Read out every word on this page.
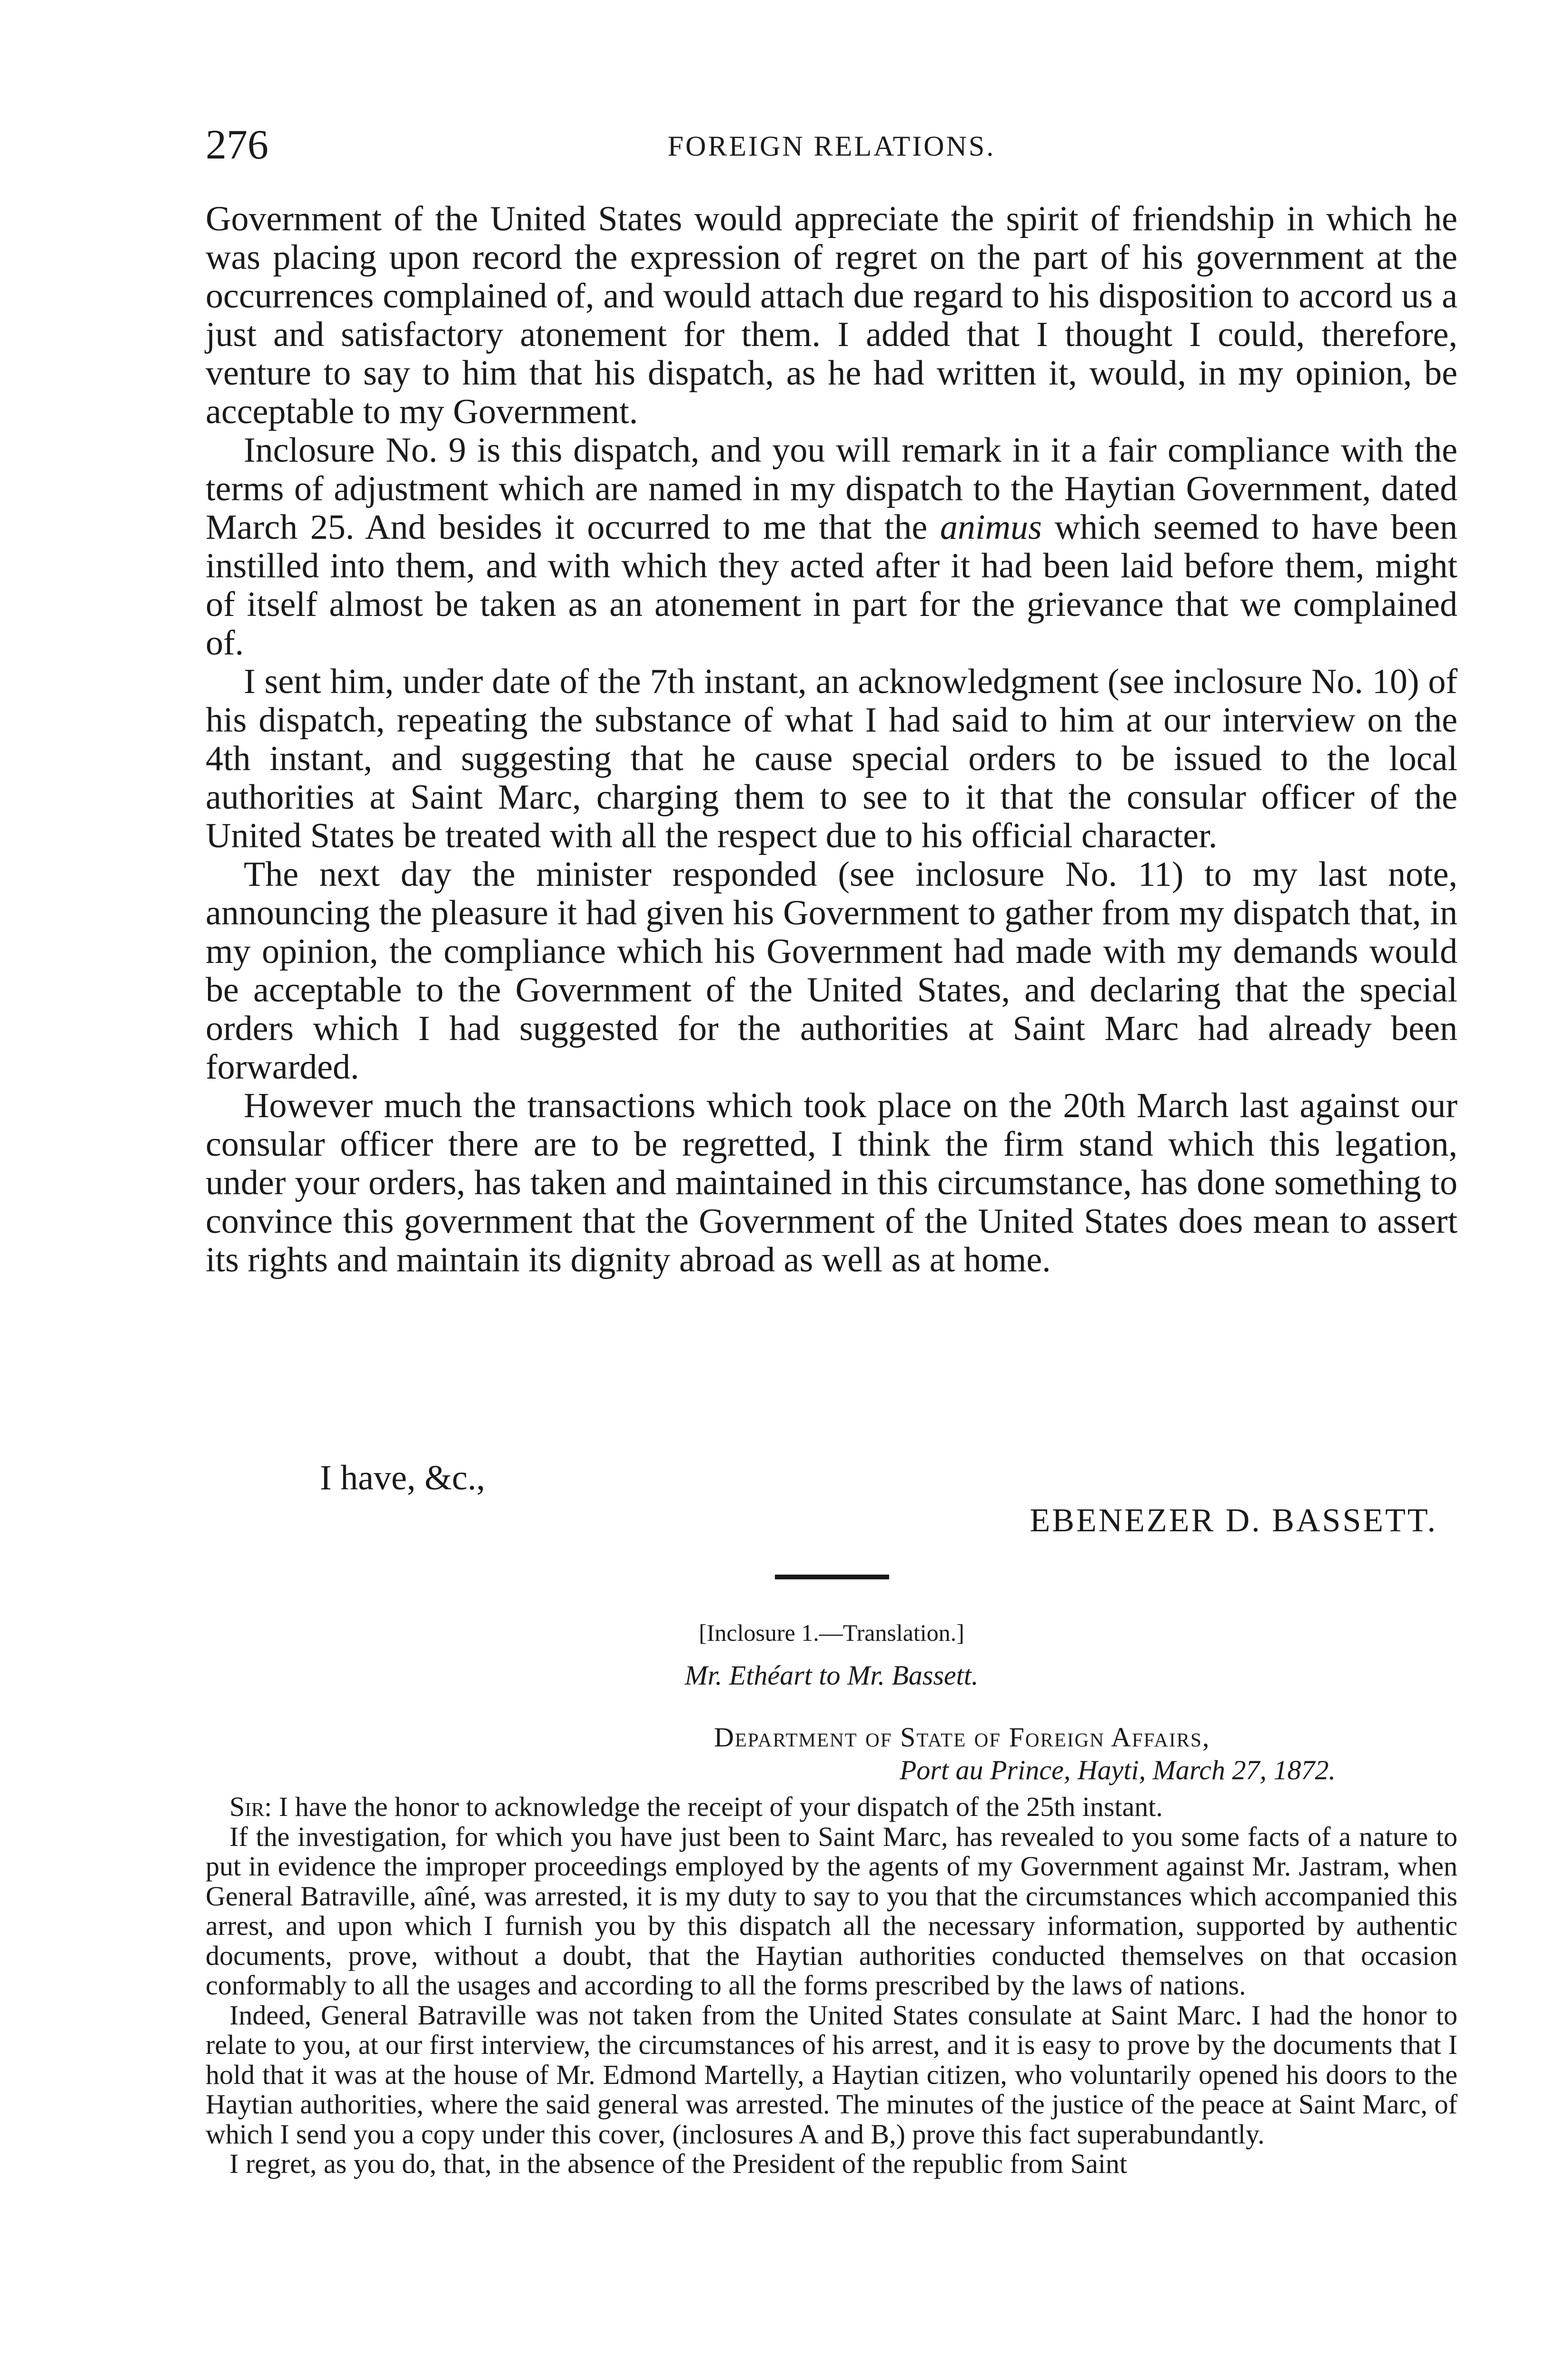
276	FOREIGN RELATIONS.

Government of the United States would appreciate the spirit of friendship in which he was placing upon record the expression of regret on the part of his government at the occurrences complained of, and would attach due regard to his disposition to accord us a just and satisfactory atonement for them. I added that I thought I could, therefore, venture to say to him that his dispatch, as he had written it, would, in my opinion, be acceptable to my Government.

Inclosure No. 9 is this dispatch, and you will remark in it a fair compliance with the terms of adjustment which are named in my dispatch to the Haytian Government, dated March 25. And besides it occurred to me that the animus which seemed to have been instilled into them, and with which they acted after it had been laid before them, might of itself almost be taken as an atonement in part for the grievance that we complained of.

I sent him, under date of the 7th instant, an acknowledgment (see inclosure No. 10) of his dispatch, repeating the substance of what I had said to him at our interview on the 4th instant, and suggesting that he cause special orders to be issued to the local authorities at Saint Marc, charging them to see to it that the consular officer of the United States be treated with all the respect due to his official character.

The next day the minister responded (see inclosure No. 11) to my last note, announcing the pleasure it had given his Government to gather from my dispatch that, in my opinion, the compliance which his Government had made with my demands would be acceptable to the Government of the United States, and declaring that the special orders which I had suggested for the authorities at Saint Marc had already been forwarded.

However much the transactions which took place on the 20th March last against our consular officer there are to be regretted, I think the firm stand which this legation, under your orders, has taken and maintained in this circumstance, has done something to convince this government that the Government of the United States does mean to assert its rights and maintain its dignity abroad as well as at home.

I have, &c.,
EBENEZER D. BASSETT.
[Inclosure 1.—Translation.]
Mr. Ethéart to Mr. Bassett.
Department of State of Foreign Affairs,
Port au Prince, Hayti, March 27, 1872.

Sir: I have the honor to acknowledge the receipt of your dispatch of the 25th instant.

If the investigation, for which you have just been to Saint Marc, has revealed to you some facts of a nature to put in evidence the improper proceedings employed by the agents of my Government against Mr. Jastram, when General Batraville, aîné, was arrested, it is my duty to say to you that the circumstances which accompanied this arrest, and upon which I furnish you by this dispatch all the necessary information, supported by authentic documents, prove, without a doubt, that the Haytian authorities conducted themselves on that occasion conformably to all the usages and according to all the forms prescribed by the laws of nations.

Indeed, General Batraville was not taken from the United States consulate at Saint Marc. I had the honor to relate to you, at our first interview, the circumstances of his arrest, and it is easy to prove by the documents that I hold that it was at the house of Mr. Edmond Martelly, a Haytian citizen, who voluntarily opened his doors to the Haytian authorities, where the said general was arrested. The minutes of the justice of the peace at Saint Marc, of which I send you a copy under this cover, (inclosures A and B,) prove this fact superabundantly.

I regret, as you do, that, in the absence of the President of the republic from Saint
